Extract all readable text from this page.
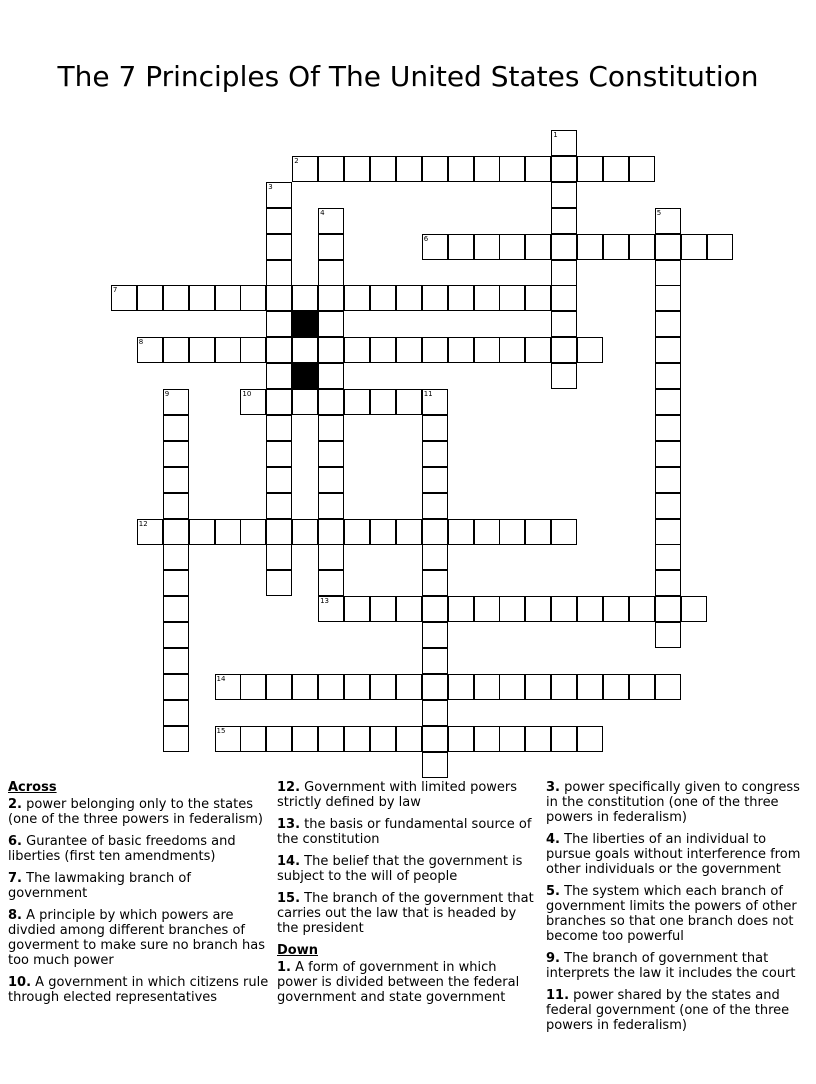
The 7 Principles Of The United States Constitution
1
2
3
4
13
5
6
7
8
9	10	11
12
14
15
Across
2. power belonging only to the states (one of the three powers in federalism)
6. Gurantee of basic freedoms and liberties (first ten amendments)
7. The lawmaking branch of government
8. A principle by which powers are divdied among different branches of goverment to make sure no branch has too much power
10. A government in which citizens rule through elected representatives
12. Government with limited powers strictly defined by law
13. the basis or fundamental source of the constitution
14. The belief that the government is subject to the will of people
15. The branch of the government that carries out the law that is headed by the president
Down
1. A form of government in which power is divided between the federal government and state government
3. power specifically given to congress in the constitution (one of the three powers in federalism)
4. The liberties of an individual to pursue goals without interference from other individuals or the government
5. The system which each branch of government limits the powers of other branches so that one branch does not become too powerful
9. The branch of government that interprets the law it includes the court
11. power shared by the states and federal government (one of the three powers in federalism)
